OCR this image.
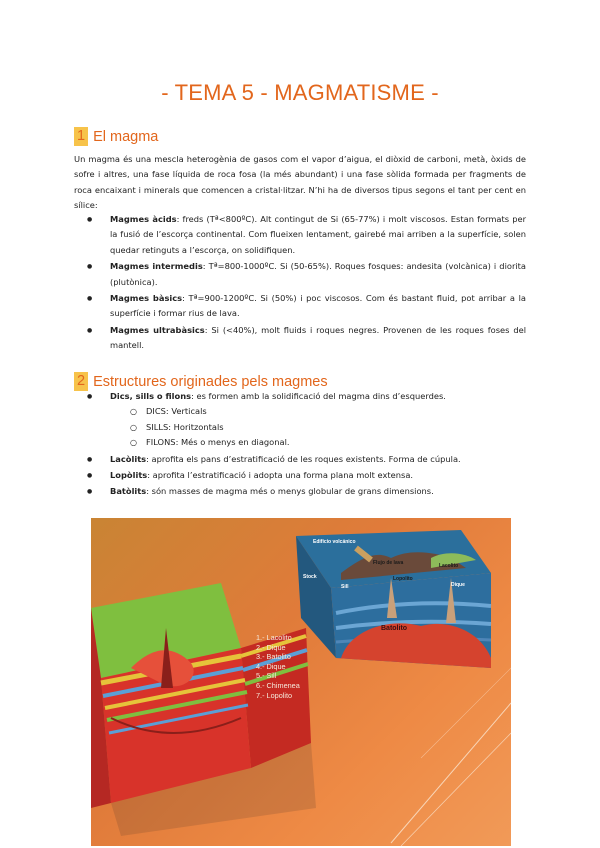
- TEMA 5 - MAGMATISME -
1 El magma
Un magma és una mescla heterogènia de gasos com el vapor d’aigua, el diòxid de carboni, metà, òxids de sofre i altres, una fase líquida de roca fosa (la més abundant) i una fase sòlida formada per fragments de roca encaixant i minerals que comencen a cristal·litzar. N’hi ha de diversos tipus segons el tant per cent en sílice:
● Magmes àcids: freds (Tª<800ºC). Alt contingut de Si (65-77%) i molt viscosos. Estan formats per la fusió de l’escorça continental. Com flueixen lentament, gairebé mai arriben a la superfície, solen quedar retinguts a l’escorça, on solidifiquen.
● Magmes intermedis: Tª=800-1000ºC. Si (50-65%). Roques fosques: andesita (volcànica) i diorita (plutònica).
● Magmes bàsics: Tª=900-1200ºC. Si (50%) i poc viscosos. Com és bastant fluid, pot arribar a la superfície i formar rius de lava.
● Magmes ultrabàsics: Si (<40%), molt fluids i roques negres. Provenen de les roques foses del mantell.
2 Estructures originades pels magmes
● Dics, sills o filons: es formen amb la solidificació del magma dins d’esquerdes.
○ DICS: Verticals
○ SILLS: Horitzontals
○ FILONS: Més o menys en diagonal.
● Lacòlits: aprofita els pans d’estratificació de les roques existents. Forma de cúpula.
● Lopòlits: aprofita l’estratificació i adopta una forma plana molt extensa.
● Batòlits: són masses de magma més o menys globular de grans dimensions.
1.- Lacolito
2.- Dique
3.- Batolito
4.- Dique
5.- Sill
6.- Chimenea
7.- Lopolito
Edificio volcánico
Flujo de lava	Lacolito
Stock
Sill
Lopolito
Dique
Batolito
